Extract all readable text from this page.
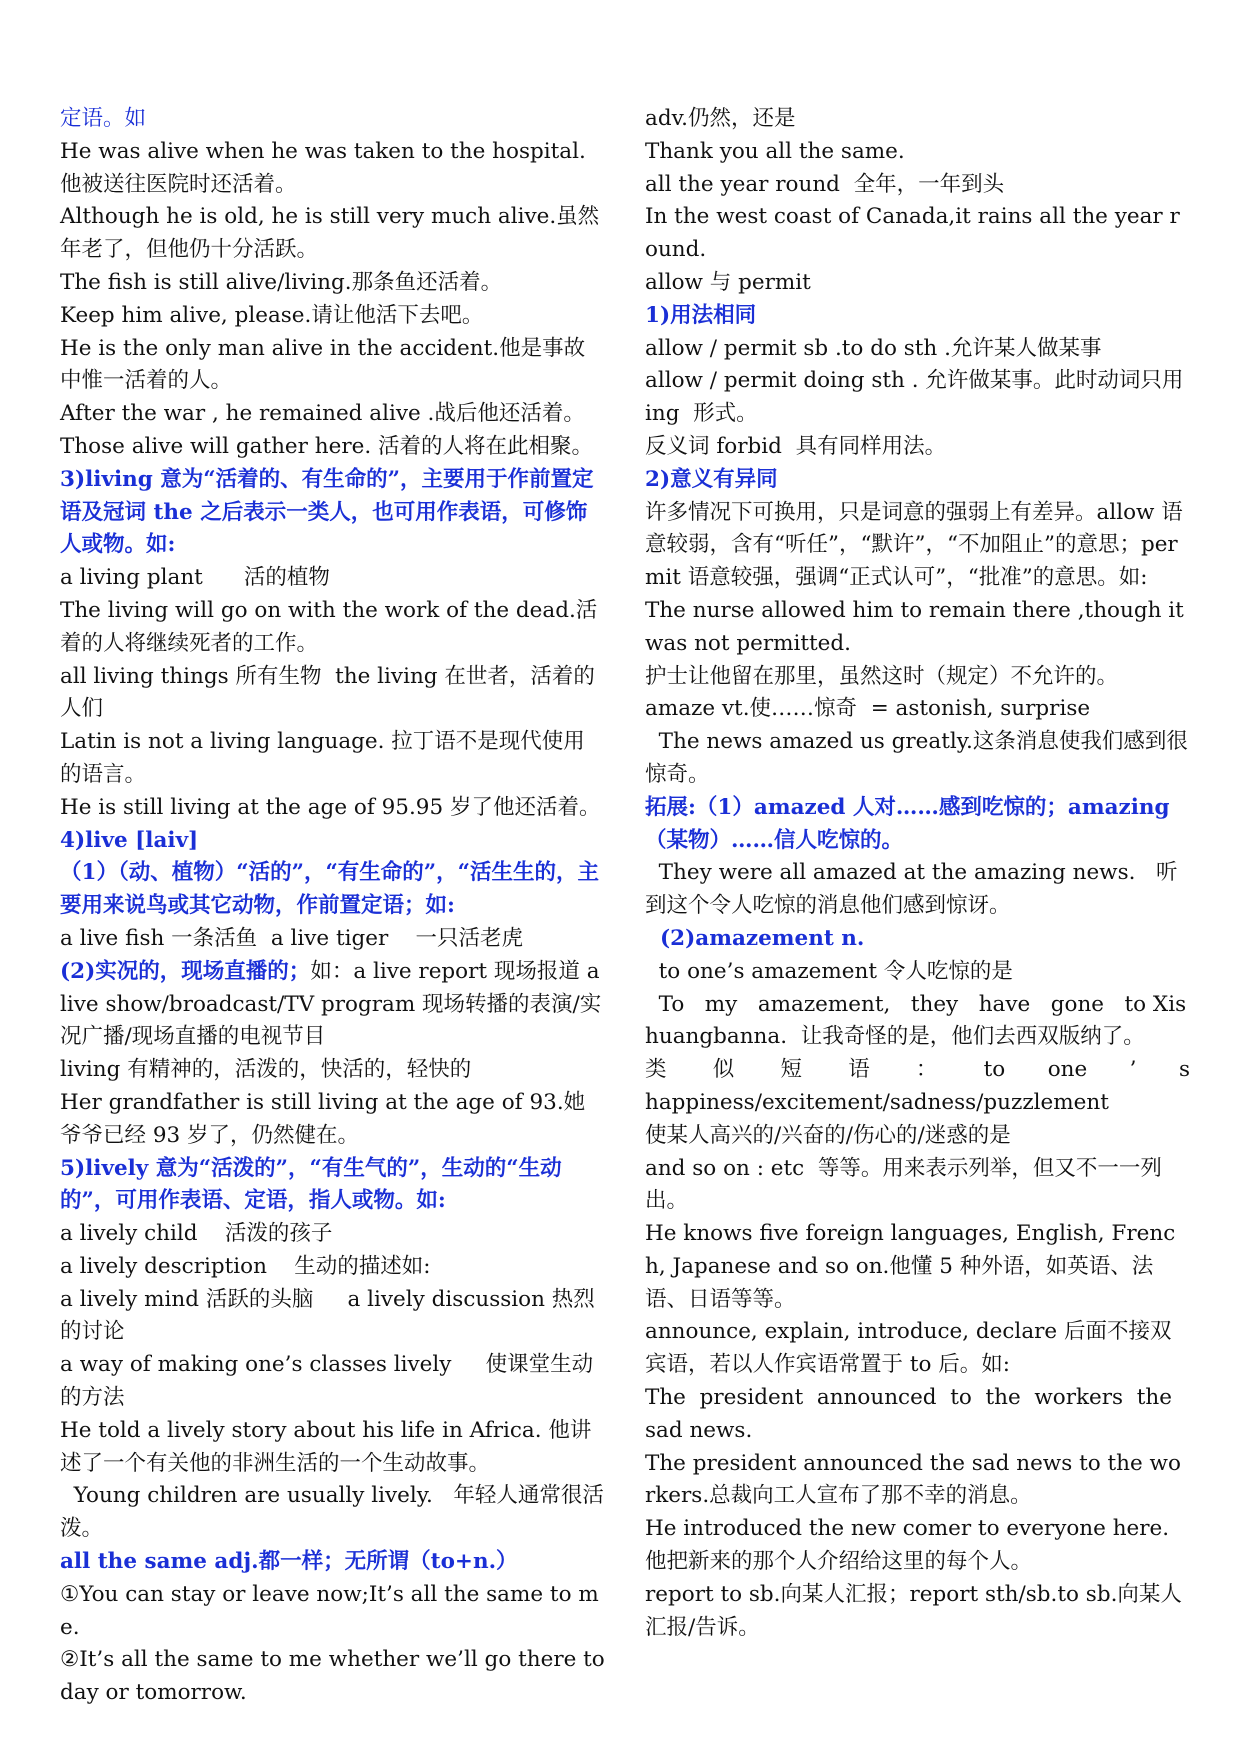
定语。如
He was alive when he was taken to the hospital.他被送往医院时还活着。
Although he is old, he is still very much alive.虽然年老了，但他仍十分活跃。
The fish is still alive/living.那条鱼还活着。
Keep him alive, please.请让他活下去吧。
He is the only man alive in the accident.他是事故中惟一活着的人。
After the war , he remained alive .战后他还活着。
Those alive will gather here. 活着的人将在此相聚。
3)living 意为“活着的、有生命的”，主要用于作前置定语及冠词 the 之后表示一类人，也可用作表语，可修饰人或物。如:
a living plant      活的植物
The living will go on with the work of the dead.活着的人将继续死者的工作。
all living things 所有生物  the living 在世者，活着的人们
Latin is not a living language. 拉丁语不是现代使用的语言。
He is still living at the age of 95.95 岁了他还活着。
4)live [laiv]
（1）（动、植物）“活的”，“有生命的”，“活生生的，主要用来说鸟或其它动物，作前置定语；如:
a live fish 一条活鱼  a live tiger    一只活老虎
(2)实况的，现场直播的；如：a live report 现场报道 a live show/broadcast/TV program 现场转播的表演/实况广播/现场直播的电视节目
living 有精神的，活泼的，快活的，轻快的
Her grandfather is still living at the age of 93.她爷爷已经 93 岁了，仍然健在。
5)lively 意为“活泼的”，“有生气的”，生动的“生动的”，可用作表语、定语，指人或物。如:
a lively child    活泼的孩子
a lively description    生动的描述如:
a lively mind 活跃的头脑     a lively discussion 热烈的讨论
a way of making one’s classes lively     使课堂生动的方法
He told a lively story about his life in Africa. 他讲述了一个有关他的非洲生活的一个生动故事。
Young children are usually lively.   年轻人通常很活泼。
all the same adj.都一样；无所谓（to+n.）
①You can stay or leave now;It’s all the same to me.
②It’s all the same to me whether we’ll go there today or tomorrow.
adv.仍然，还是
Thank you all the same.
all the year round  全年，一年到头
In the west coast of Canada,it rains all the year round.
allow 与 permit
1)用法相同
allow / permit sb .to do sth .允许某人做某事
allow / permit doing sth . 允许做某事。此时动词只用 ing  形式。
反义词 forbid  具有同样用法。
2)意义有异同
许多情况下可换用，只是词意的强弱上有差异。allow 语意较弱，含有“听任”，“默许”，“不加阻止”的意思；permit 语意较强，强调“正式认可”，“批准”的意思。如:
The nurse allowed him to remain there ,though it was not permitted.
护士让他留在那里，虽然这时（规定）不允许的。
amaze vt.使……惊奇  = astonish, surprise
The news amazed us greatly.这条消息使我们感到很惊奇。
拓展:（1）amazed 人对……感到吃惊的；amazing（某物）……信人吃惊的。
They were all amazed at the amazing news.   听到这个令人吃惊的消息他们感到惊讶。
(2)amazement n.
to one’s amazement 令人吃惊的是
To   my   amazement,   they   have   gone   to Xishuangbanna.  让我奇怪的是，他们去西双版纳了。
类    似    短    语    ：    to    one    ’    s
happiness/excitement/sadness/puzzlement
使某人高兴的/兴奋的/伤心的/迷惑的是
and so on : etc  等等。用来表示列举，但又不一一列出。
He knows five foreign languages, English, French, Japanese and so on.他懂 5 种外语，如英语、法语、日语等等。
announce, explain, introduce, declare 后面不接双宾语，若以人作宾语常置于 to 后。如:
The  president  announced  to  the  workers  the  sad news.
The president announced the sad news to the workers.总裁向工人宣布了那不幸的消息。
He introduced the new comer to everyone here.他把新来的那个人介绍给这里的每个人。
report to sb.向某人汇报；report sth/sb.to sb.向某人汇报/告诉。
